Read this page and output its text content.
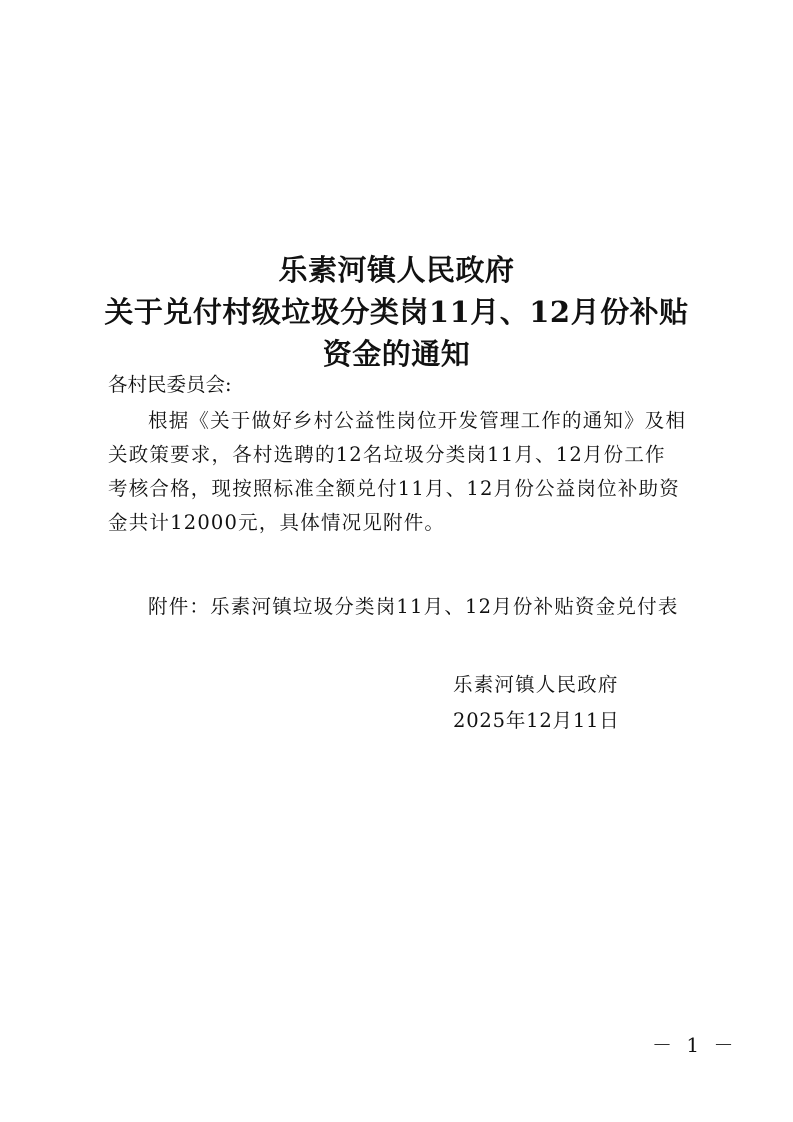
乐素河镇人民政府
关于兑付村级垃圾分类岗11月、12月份补贴
资金的通知
各村民委员会:
根据《关于做好乡村公益性岗位开发管理工作的通知》及相
关政策要求，各村选聘的12名垃圾分类岗11月、12月份工作
考核合格，现按照标准全额兑付11月、12月份公益岗位补助资
金共计12000元，具体情况见附件。
附件：乐素河镇垃圾分类岗11月、12月份补贴资金兑付表
乐素河镇人民政府
2025年12月11日
－ 1 －
